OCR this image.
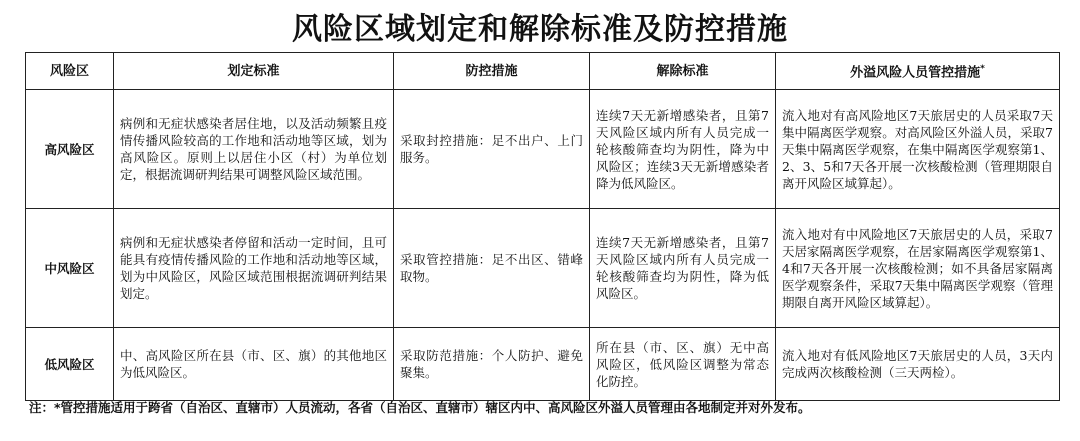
风险区域划定和解除标准及防控措施
风险区	划定标准	防控措施	解除标准	外溢风险人员管控措施*
高风险区	病例和无症状感染者居住地，以及活动频繁且疫情传播风险较高的工作地和活动地等区域，划为高风险区。原则上以居住小区（村）为单位划定，根据流调研判结果可调整风险区域范围。	采取封控措施：足不出户、上门服务。	连续7天无新增感染者，且第7天风险区域内所有人员完成一轮核酸筛查均为阴性，降为中风险区；连续3天无新增感染者降为低风险区。	流入地对有高风险地区7天旅居史的人员采取7天集中隔离医学观察。对高风险区外溢人员，采取7天集中隔离医学观察，在集中隔离医学观察第1、2、3、5和7天各开展一次核酸检测（管理期限自离开风险区域算起）。
中风险区	病例和无症状感染者停留和活动一定时间，且可能具有疫情传播风险的工作地和活动地等区域，划为中风险区，风险区域范围根据流调研判结果划定。	采取管控措施：足不出区、错峰取物。	连续7天无新增感染者，且第7天风险区域内所有人员完成一轮核酸筛查均为阴性，降为低风险区。	流入地对有中风险地区7天旅居史的人员，采取7天居家隔离医学观察，在居家隔离医学观察第1、4和7天各开展一次核酸检测；如不具备居家隔离医学观察条件，采取7天集中隔离医学观察（管理期限自离开风险区域算起）。
低风险区	中、高风险区所在县（市、区、旗）的其他地区为低风险区。	采取防范措施：个人防护、避免聚集。	所在县（市、区、旗）无中高风险区，低风险区调整为常态化防控。	流入地对有低风险地区7天旅居史的人员，3天内完成两次核酸检测（三天两检）。
注：*管控措施适用于跨省（自治区、直辖市）人员流动，各省（自治区、直辖市）辖区内中、高风险区外溢人员管理由各地制定并对外发布。
